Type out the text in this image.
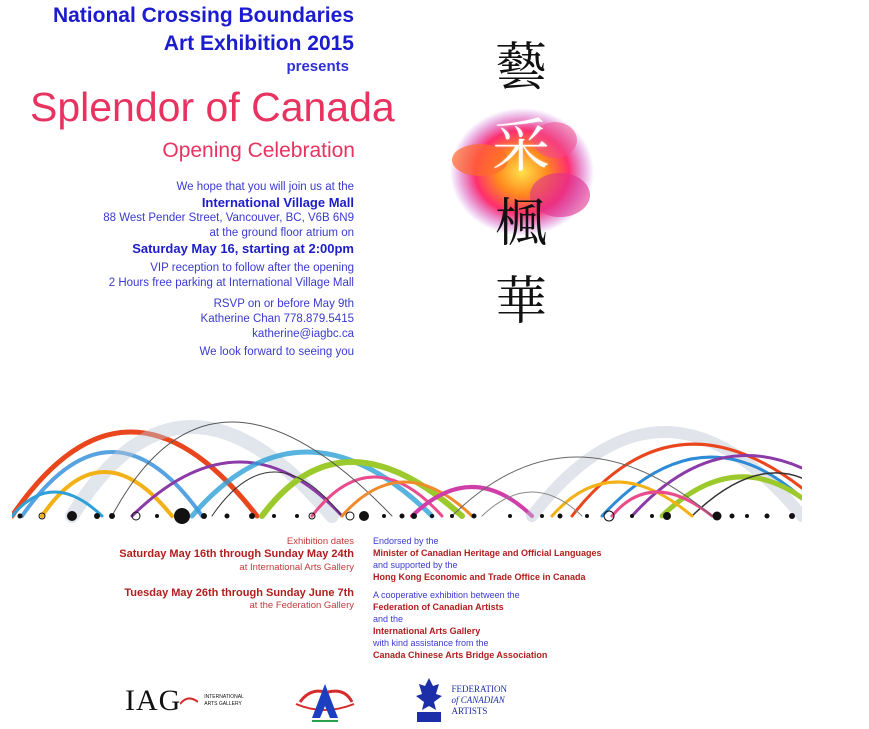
National Crossing Boundaries
Art Exhibition 2015
presents
Splendor of Canada
Opening Celebration
We hope that you will join us at the
International Village Mall
88 West Pender Street, Vancouver, BC, V6B 6N9
at the ground floor atrium on
Saturday May 16, starting at 2:00pm
VIP reception to follow after the opening
2 Hours free parking at International Village Mall
RSVP on or before May 9th
Katherine Chan 778.879.5415
katherine@iagbc.ca
We look forward to seeing you
藝
采
楓
華
Exhibition dates
Saturday May 16th through Sunday May 24th
at International Arts Gallery
Tuesday May 26th through Sunday June 7th
at the Federation Gallery
Endorsed by the
Minister of Canadian Heritage and Official Languages
and supported by the
Hong Kong Economic and Trade Office in Canada
A cooperative exhibition between the
Federation of Canadian Artists
and the
International Arts Gallery
with kind assistance from the
Canada Chinese Arts Bridge Association
IAG	INTERNATIONAL
ARTS GALLERY
FEDERATION
of CANADIAN
ARTISTS
